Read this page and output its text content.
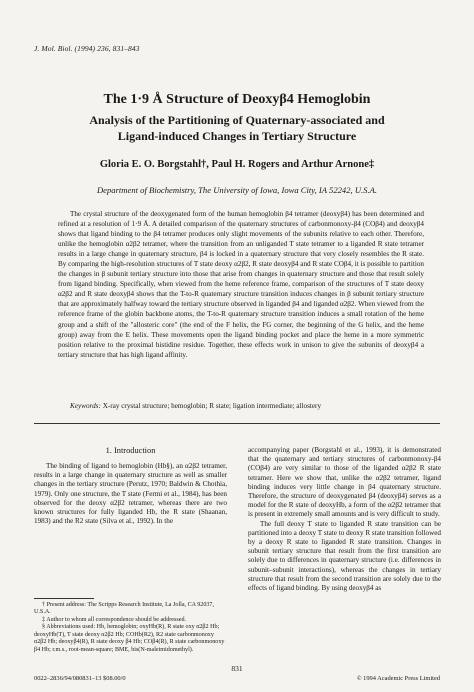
J. Mol. Biol. (1994) 236, 831–843
The 1·9 Å Structure of Deoxyβ4 Hemoglobin
Analysis of the Partitioning of Quaternary-associated and
Ligand-induced Changes in Tertiary Structure
Gloria E. O. Borgstahl†, Paul H. Rogers and Arthur Arnone‡
Department of Biochemistry, The University of Iowa, Iowa City, IA 52242, U.S.A.

The crystal structure of the deoxygenated form of the human hemoglobin β4 tetramer (deoxyβ4) has been determined and refined at a resolution of 1·9 Å. A detailed comparison of the quaternary structures of carbonmonoxy-β4 (COβ4) and deoxyβ4 shows that ligand binding to the β4 tetramer produces only slight movements of the subunits relative to each other. Therefore, unlike the hemoglobin α2β2 tetramer, where the transition from an unliganded T state tetramer to a liganded R state tetramer results in a large change in quaternary structure, β4 is locked in a quaternary structure that very closely resembles the R state. By comparing the high-resolution structures of T state deoxy α2β2, R state deoxyβ4 and R state COβ4, it is possible to partition the changes in β subunit tertiary structure into those that arise from changes in quaternary structure and those that result solely from ligand binding. Specifically, when viewed from the heme reference frame, comparison of the structures of T state deoxy α2β2 and R state deoxyβ4 shows that the T-to-R quaternary structure transition induces changes in β subunit tertiary structure that are approximately halfway toward the tertiary structure observed in liganded β4 and liganded α2β2. When viewed from the reference frame of the globin backbone atoms, the T-to-R quaternary structure transition induces a small rotation of the heme group and a shift of the "allosteric core" (the end of the F helix, the FG corner, the beginning of the G helix, and the heme group) away from the E helix. These movements open the ligand binding pocket and place the heme in a more symmetric position relative to the proximal histidine residue. Together, these effects work in unison to give the subunits of deoxyβ4 a tertiary structure that has high ligand affinity.

Keywords: X-ray crystal structure; hemoglobin; R state; ligation intermediate; allostery
1. Introduction

The binding of ligand to hemoglobin (Hb§), an α2β2 tetramer, results in a large change in quaternary structure as well as smaller changes in the tertiary structure (Perutz, 1970; Baldwin & Chothia, 1979). Only one structure, the T state (Fermi et al., 1984), has been observed for the deoxy α2β2 tetramer, whereas there are two known structures for fully liganded Hb, the R state (Shaanan, 1983) and the R2 state (Silva et al., 1992). In the

accompanying paper (Borgstahl et al., 1993), it is demonstrated that the quaternary and tertiary structures of carbonmonoxy-β4 (COβ4) are very similar to those of the liganded α2β2 R state tetramer. Here we show that, unlike the α2β2 tetramer, ligand binding induces very little change in β4 quaternary structure. Therefore, the structure of deoxygenated β4 (deoxyβ4) serves as a model for the R state of deoxyHb, a form of the α2β2 tetramer that is present in extremely small amounts and is very difficult to study.

The full deoxy T state to liganded R state transition can be partitioned into a deoxy T state to deoxy R state transition followed by a deoxy R state to liganded R state transition. Changes in subunit tertiary structure that result from the first transition are solely due to differences in quaternary structure (i.e. differences in subunit–subunit interactions), whereas the changes in tertiary structure that result from the second transition are solely due to the effects of ligand binding. By using deoxyβ4 as

† Present address: The Scripps Research Institute, La Jolla, CA 92037, U.S.A.

‡ Author to whom all correspondence should be addressed.

§ Abbreviations used: Hb, hemoglobin; oxyHb(R), R state oxy α2β2 Hb; deoxyHb(T), T state deoxy α2β2 Hb; COHb(R2), R2 state carbonmonoxy α2β2 Hb; deoxyβ4(R), R state deoxy β4 Hb; COβ4(R), R state carbonmonoxy β4 Hb; r.m.s., root-mean-square; BME, bis(N-maleimidomethyl).

831
0022–2836/94/080831–13 $08.00/0	© 1994 Academic Press Limited
